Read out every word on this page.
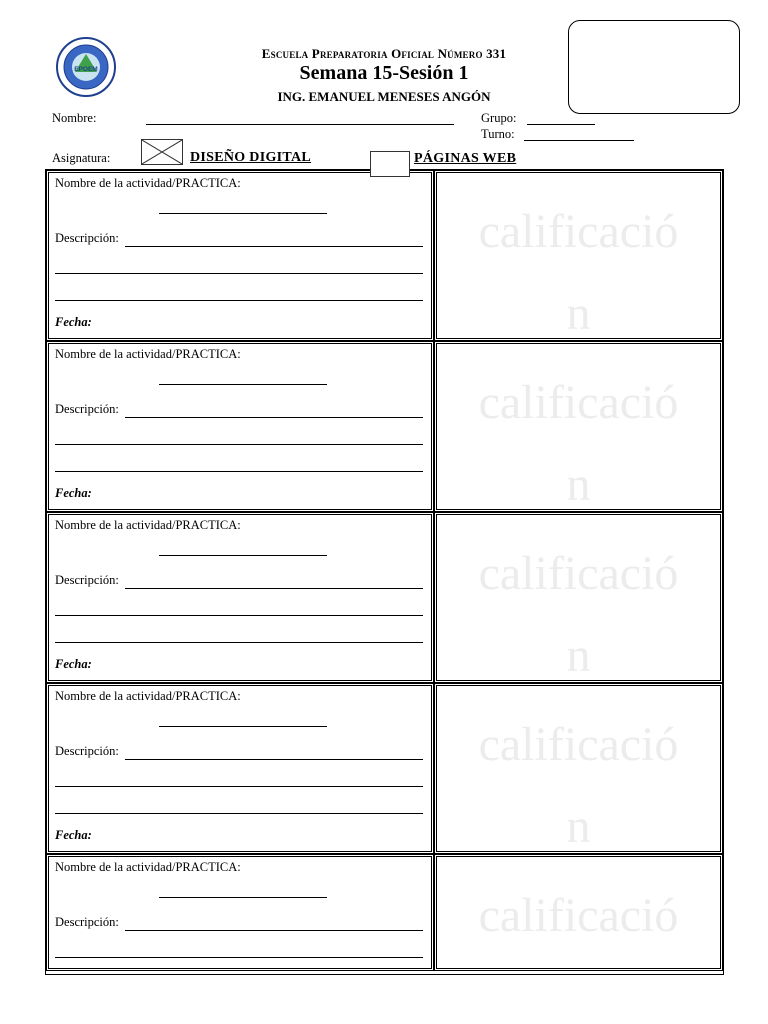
EPOEM
Escuela Preparatoria Oficial Número 331
Semana 15-Sesión 1
ING. EMANUEL MENESES ANGÓN
Nombre:	Grupo:
Turno:
Asignatura:	DISEÑO DIGITAL	PÁGINAS WEB
Nombre de la actividad/PRACTICA:
Descripción:
Fecha:
calificació
n
Nombre de la actividad/PRACTICA:
Descripción:
Fecha:
calificació
n
Nombre de la actividad/PRACTICA:
Descripción:
Fecha:
calificació
n
Nombre de la actividad/PRACTICA:
Descripción:
Fecha:
calificació
n
Nombre de la actividad/PRACTICA:
Descripción:	calificació
